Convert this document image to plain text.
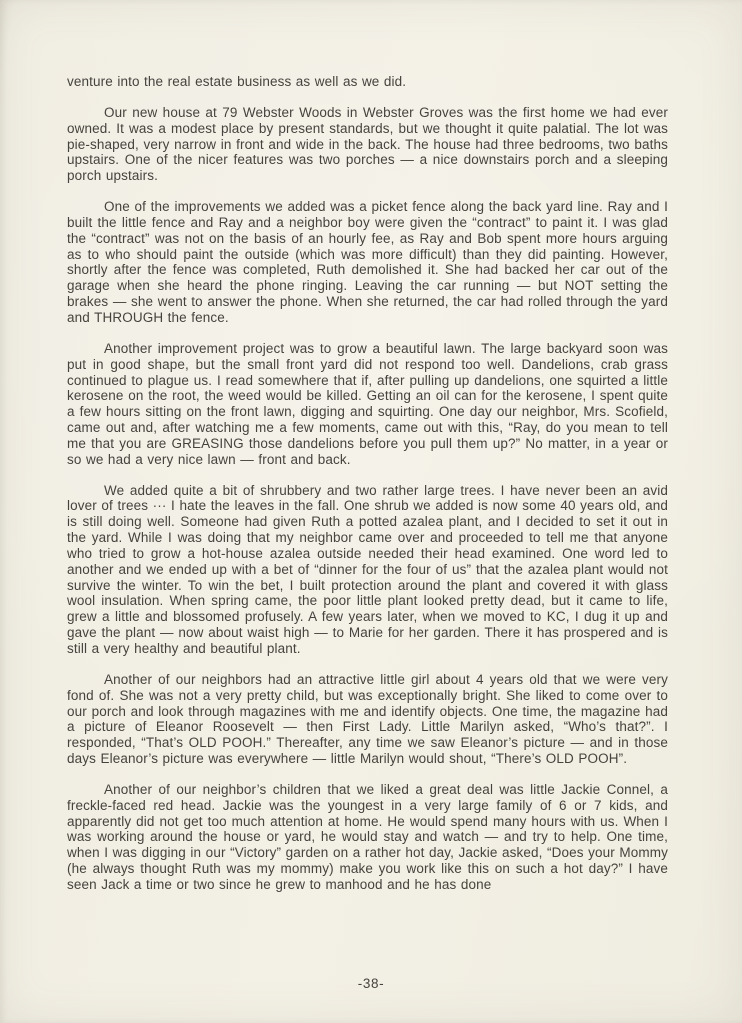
venture into the real estate business as well as we did.

Our new house at 79 Webster Woods in Webster Groves was the first home we had ever owned. It was a modest place by present standards, but we thought it quite palatial. The lot was pie-shaped, very narrow in front and wide in the back. The house had three bedrooms, two baths upstairs. One of the nicer features was two porches — a nice downstairs porch and a sleeping porch upstairs.

One of the improvements we added was a picket fence along the back yard line. Ray and I built the little fence and Ray and a neighbor boy were given the “contract” to paint it. I was glad the “contract” was not on the basis of an hourly fee, as Ray and Bob spent more hours arguing as to who should paint the outside (which was more difficult) than they did painting. However, shortly after the fence was completed, Ruth demolished it. She had backed her car out of the garage when she heard the phone ringing. Leaving the car running — but NOT setting the brakes — she went to answer the phone. When she returned, the car had rolled through the yard and THROUGH the fence.

Another improvement project was to grow a beautiful lawn. The large backyard soon was put in good shape, but the small front yard did not respond too well. Dandelions, crab grass continued to plague us. I read somewhere that if, after pulling up dandelions, one squirted a little kerosene on the root, the weed would be killed. Getting an oil can for the kerosene, I spent quite a few hours sitting on the front lawn, digging and squirting. One day our neighbor, Mrs. Scofield, came out and, after watching me a few moments, came out with this, “Ray, do you mean to tell me that you are GREASING those dandelions before you pull them up?” No matter, in a year or so we had a very nice lawn — front and back.

We added quite a bit of shrubbery and two rather large trees. I have never been an avid lover of trees ··· I hate the leaves in the fall. One shrub we added is now some 40 years old, and is still doing well. Someone had given Ruth a potted azalea plant, and I decided to set it out in the yard. While I was doing that my neighbor came over and proceeded to tell me that anyone who tried to grow a hot-house azalea outside needed their head examined. One word led to another and we ended up with a bet of “dinner for the four of us” that the azalea plant would not survive the winter. To win the bet, I built protection around the plant and covered it with glass wool insulation. When spring came, the poor little plant looked pretty dead, but it came to life, grew a little and blossomed profusely. A few years later, when we moved to KC, I dug it up and gave the plant — now about waist high — to Marie for her garden. There it has prospered and is still a very healthy and beautiful plant.

Another of our neighbors had an attractive little girl about 4 years old that we were very fond of. She was not a very pretty child, but was exceptionally bright. She liked to come over to our porch and look through magazines with me and identify objects. One time, the magazine had a picture of Eleanor Roosevelt — then First Lady. Little Marilyn asked, “Who’s that?”. I responded, “That’s OLD POOH.” Thereafter, any time we saw Eleanor’s picture — and in those days Eleanor’s picture was everywhere — little Marilyn would shout, “There’s OLD POOH”.

Another of our neighbor’s children that we liked a great deal was little Jackie Connel, a freckle-faced red head. Jackie was the youngest in a very large family of 6 or 7 kids, and apparently did not get too much attention at home. He would spend many hours with us. When I was working around the house or yard, he would stay and watch — and try to help. One time, when I was digging in our “Victory” garden on a rather hot day, Jackie asked, “Does your Mommy (he always thought Ruth was my mommy) make you work like this on such a hot day?” I have seen Jack a time or two since he grew to manhood and he has done

-38-
